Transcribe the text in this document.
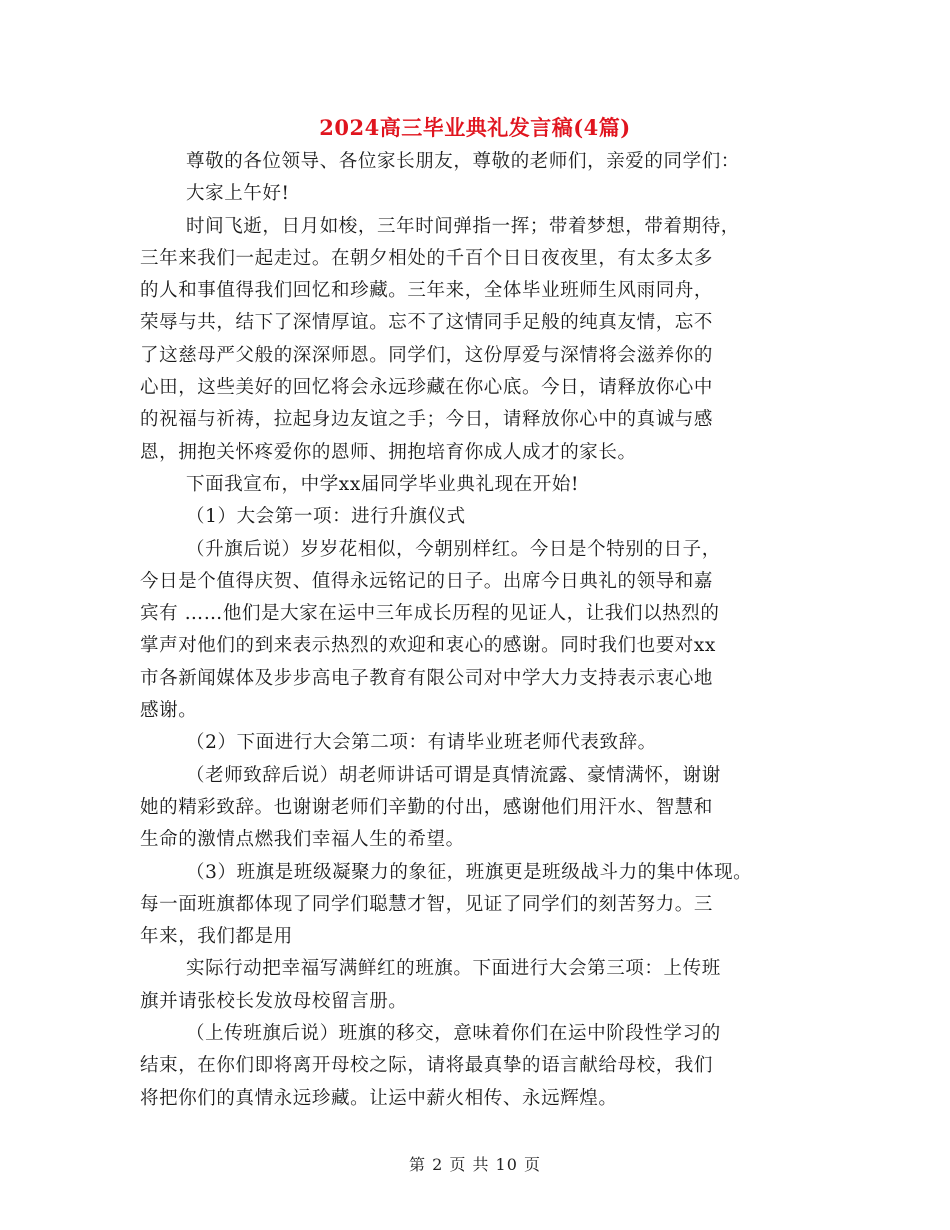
2024高三毕业典礼发言稿(4篇)
尊敬的各位领导、各位家长朋友，尊敬的老师们，亲爱的同学们：
大家上午好!
时间飞逝，日月如梭，三年时间弹指一挥；带着梦想，带着期待，
三年来我们一起走过。在朝夕相处的千百个日日夜夜里，有太多太多
的人和事值得我们回忆和珍藏。三年来，全体毕业班师生风雨同舟，
荣辱与共，结下了深情厚谊。忘不了这情同手足般的纯真友情，忘不
了这慈母严父般的深深师恩。同学们，这份厚爱与深情将会滋养你的
心田，这些美好的回忆将会永远珍藏在你心底。今日，请释放你心中
的祝福与祈祷，拉起身边友谊之手；今日，请释放你心中的真诚与感
恩，拥抱关怀疼爱你的恩师、拥抱培育你成人成才的家长。
下面我宣布，中学xx届同学毕业典礼现在开始!
（1）大会第一项：进行升旗仪式
（升旗后说）岁岁花相似，今朝别样红。今日是个特别的日子，
今日是个值得庆贺、值得永远铭记的日子。出席今日典礼的领导和嘉
宾有 ……他们是大家在运中三年成长历程的见证人，让我们以热烈的
掌声对他们的到来表示热烈的欢迎和衷心的感谢。同时我们也要对xx
市各新闻媒体及步步高电子教育有限公司对中学大力支持表示衷心地
感谢。
（2）下面进行大会第二项：有请毕业班老师代表致辞。
（老师致辞后说）胡老师讲话可谓是真情流露、豪情满怀，谢谢
她的精彩致辞。也谢谢老师们辛勤的付出，感谢他们用汗水、智慧和
生命的激情点燃我们幸福人生的希望。
（3）班旗是班级凝聚力的象征，班旗更是班级战斗力的集中体现。
每一面班旗都体现了同学们聪慧才智，见证了同学们的刻苦努力。三
年来，我们都是用
实际行动把幸福写满鲜红的班旗。下面进行大会第三项：上传班
旗并请张校长发放母校留言册。
（上传班旗后说）班旗的移交，意味着你们在运中阶段性学习的
结束，在你们即将离开母校之际，请将最真挚的语言献给母校，我们
将把你们的真情永远珍藏。让运中薪火相传、永远辉煌。
第 2 页 共 10 页
